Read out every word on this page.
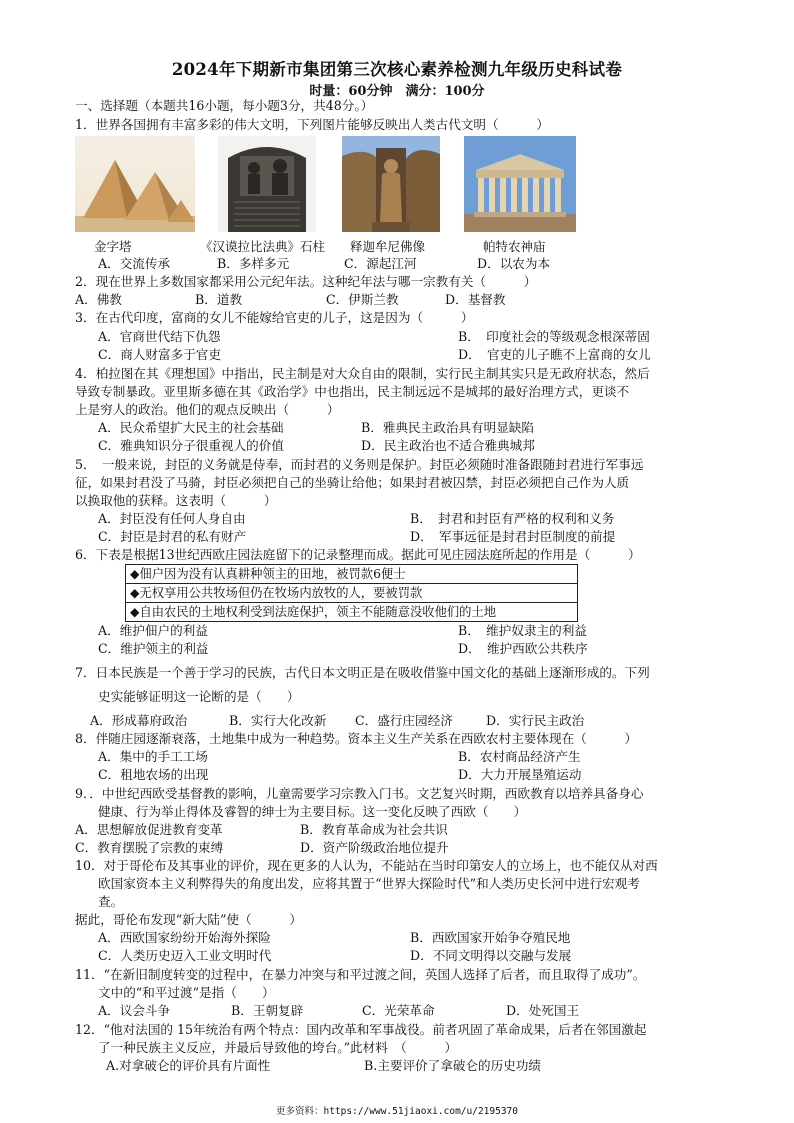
2024年下期新市集团第三次核心素养检测九年级历史科试卷
时量：60分钟　满分：100分
一、选择题（本题共16小题，每小题3分，共48分。）
1．世界各国拥有丰富多彩的伟大文明，下列图片能够反映出人类古代文明（　　　）
金字塔	《汉谟拉比法典》石柱 释迦牟尼佛像	帕特农神庙
A．交流传承	B．多样多元	C．源起江河	D．以农为本
2．现在世界上多数国家都采用公元纪年法。这种纪年法与哪一宗教有关（　　　）
A．佛教	B．道教	C．伊斯兰教	D．基督教
3．在古代印度，富商的女儿不能嫁给官吏的儿子，这是因为（　　　）
A．官商世代结下仇怨	B．　印度社会的等级观念根深蒂固
C．商人财富多于官吏	D．　官吏的儿子瞧不上富商的女儿
4．柏拉图在其《理想国》中指出，民主制是对大众自由的限制，实行民主制其实只是无政府状态，然后
导致专制暴政。亚里斯多德在其《政治学》中也指出，民主制远远不是城邦的最好治理方式，更谈不
上是穷人的政治。他们的观点反映出（　　　）
A．民众希望扩大民主的社会基础	B．雅典民主政治具有明显缺陷
C．雅典知识分子很重视人的价值	D．民主政治也不适合雅典城邦
5．　一般来说，封臣的义务就是侍奉，而封君的义务则是保护。封臣必须随时准备跟随封君进行军事远
征，如果封君没了马骑，封臣必须把自己的坐骑让给他；如果封君被囚禁，封臣必须把自己作为人质
以换取他的获释。这表明（　　　）
A．封臣没有任何人身自由	B．　封君和封臣有严格的权利和义务
C．封臣是封君的私有财产	D．　军事远征是封君封臣制度的前提
6．下表是根据13世纪西欧庄园法庭留下的记录整理而成。据此可见庄园法庭所起的作用是（　　　）
◆佃户因为没有认真耕种领主的田地，被罚款6便士
◆无权享用公共牧场但仍在牧场内放牧的人，要被罚款
◆自由农民的土地权利受到法庭保护，领主不能随意没收他们的土地
A．维护佃户的利益	B．　维护奴隶主的利益
C．维护领主的利益	D．　维护西欧公共秩序
7．日本民族是一个善于学习的民族，古代日本文明正是在吸收借鉴中国文化的基础上逐渐形成的。下列
史实能够证明这一论断的是（　　）
A．形成幕府政治	B．实行大化改新 C．盛行庄园经济	D．实行民主政治
8．伴随庄园逐渐衰落，土地集中成为一种趋势。资本主义生产关系在西欧农村主要体现在（　　　）
A．集中的手工工场	B．农村商品经济产生
C．租地农场的出现	D．大力开展垦殖运动
9．．中世纪西欧受基督教的影响，儿童需要学习宗教入门书。文艺复兴时期，西欧教育以培养具备身心
健康、行为举止得体及睿智的绅士为主要目标。这一变化反映了西欧（　　）
A．思想解放促进教育变革	B．教育革命成为社会共识
C．教育摆脱了宗教的束缚	D．资产阶级政治地位提升
10．对于哥伦布及其事业的评价，现在更多的人认为，不能站在当时印第安人的立场上，也不能仅从对西
欧国家资本主义利弊得失的角度出发，应将其置于“世界大探险时代”和人类历史长河中进行宏观考
查。
据此，哥伦布发现“新大陆”使（　　　）
A．西欧国家纷纷开始海外探险	B．西欧国家开始争夺殖民地
C．人类历史迈入工业文明时代	D．不同文明得以交融与发展
11．“在新旧制度转变的过程中，在暴力冲突与和平过渡之间，英国人选择了后者，而且取得了成功”。
文中的“和平过渡”是指（　　）
A．议会斗争	B．王朝复辟	C．光荣革命	D．处死国王
12．“他对法国的 15年统治有两个特点：国内改革和军事战役。前者巩固了革命成果，后者在邻国激起
了一种民族主义反应，并最后导致他的垮台。”此材料　（　　　）
A.对拿破仑的评价具有片面性	B.主要评价了拿破仑的历史功绩
更多资料：https://www.51jiaoxi.com/u/2195370
